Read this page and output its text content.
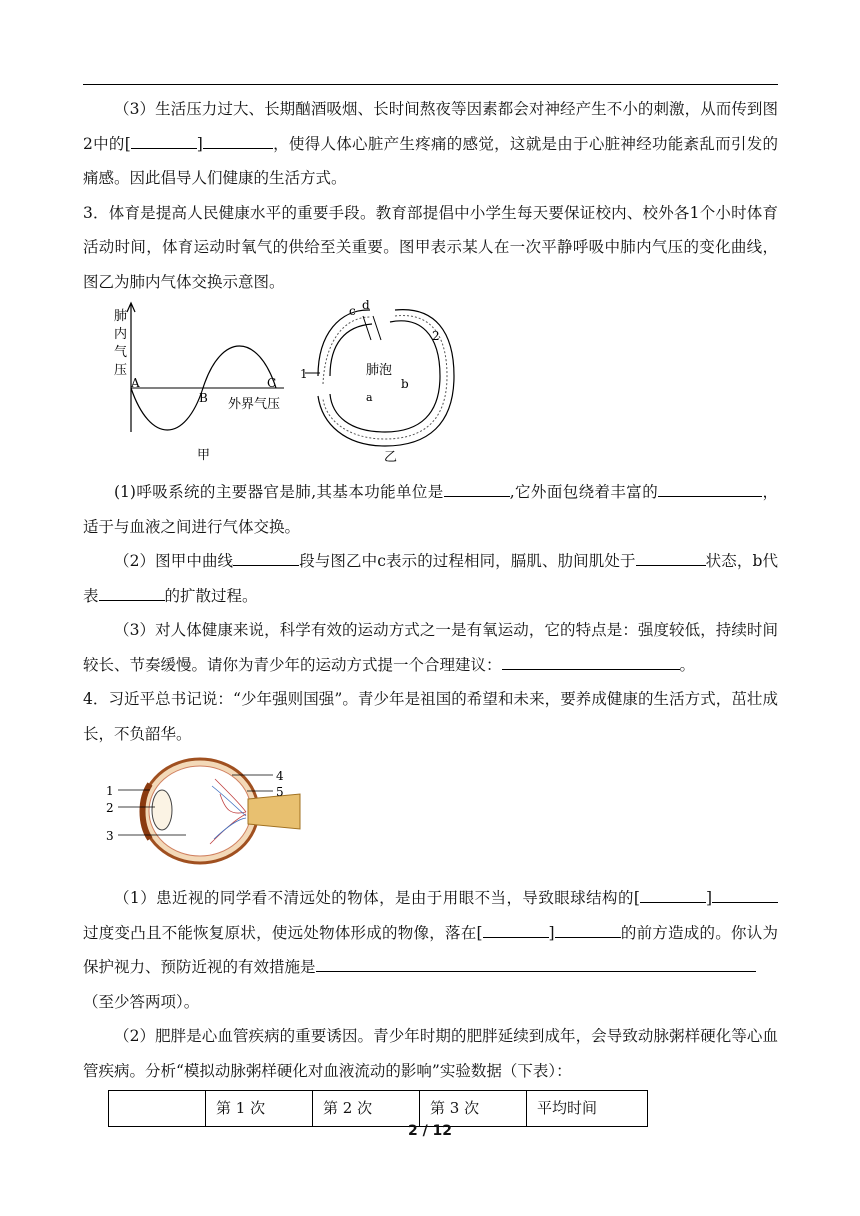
（3）生活压力过大、长期酗酒吸烟、长时间熬夜等因素都会对神经产生不小的刺激，从而传到图2中的[	]	，使得人体心脏产生疼痛的感觉，这就是由于心脏神经功能紊乱而引发的痛感。因此倡导人们健康的生活方式。

3．体育是提高人民健康水平的重要手段。教育部提倡中小学生每天要保证校内、校外各1个小时体育活动时间，体育运动时氧气的供给至关重要。图甲表示某人在一次平静呼吸中肺内气压的变化曲线，图乙为肺内气体交换示意图。

肺
内
气
压
A
B
C
外界气压
甲
1
2
a
b
c d
肺泡
乙

(1)呼吸系统的主要器官是肺,其基本功能单位是	,它外面包绕着丰富的	，适于与血液之间进行气体交换。

（2）图甲中曲线	段与图乙中c表示的过程相同，膈肌、肋间肌处于	状态，b代表	的扩散过程。

（3）对人体健康来说，科学有效的运动方式之一是有氧运动，它的特点是：强度较低，持续时间较长、节奏缓慢。请你为青少年的运动方式提一个合理建议：	。

4．习近平总书记说：“少年强则国强”。青少年是祖国的希望和未来，要养成健康的生活方式，茁壮成长，不负韶华。

1
2
3
4
5

（1）患近视的同学看不清远处的物体，是由于用眼不当，导致眼球结构的[	]过度变凸且不能恢复原状，使远处物体形成的物像，落在[	]	的前方造成的。你认为保护视力、预防近视的有效措施是

（至少答两项）。

（2）肥胖是心血管疾病的重要诱因。青少年时期的肥胖延续到成年，会导致动脉粥样硬化等心血管疾病。分析“模拟动脉粥样硬化对血液流动的影响”实验数据（下表）：

	第 1 次	第 2 次	第 3 次	平均时间
2 / 12
